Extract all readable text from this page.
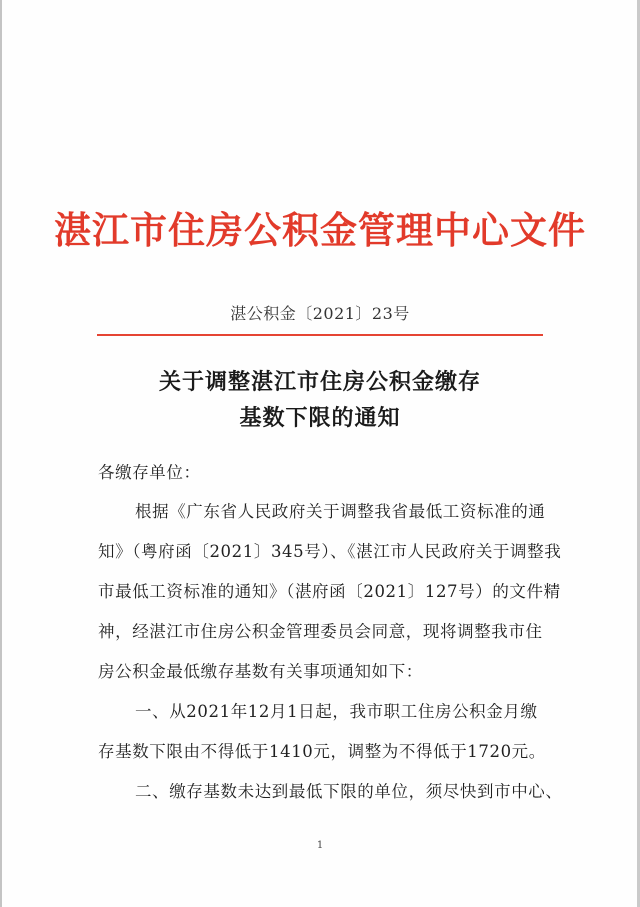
湛江市住房公积金管理中心文件
湛公积金〔2021〕23号
关于调整湛江市住房公积金缴存
基数下限的通知
各缴存单位：
根据《广东省人民政府关于调整我省最低工资标准的通
知》（粤府函〔2021〕345号）、《湛江市人民政府关于调整我
市最低工资标准的通知》（湛府函〔2021〕127号）的文件精
神，经湛江市住房公积金管理委员会同意，现将调整我市住
房公积金最低缴存基数有关事项通知如下：
一、从2021年12月1日起，我市职工住房公积金月缴
存基数下限由不得低于1410元，调整为不得低于1720元。
二、缴存基数未达到最低下限的单位，须尽快到市中心、
1
